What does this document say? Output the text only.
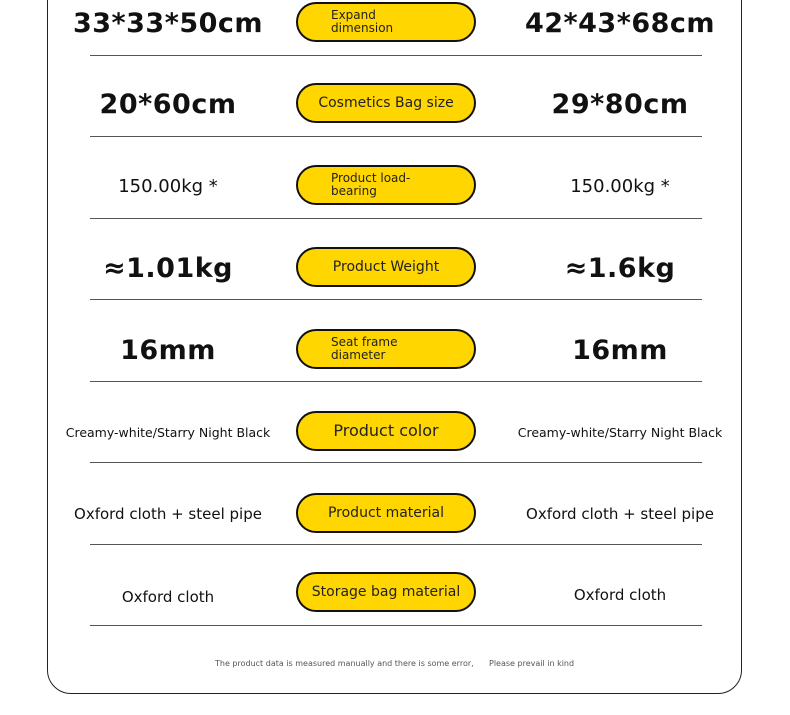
33*33*50cm	Expand dimension	42*43*68cm
20*60cm	Cosmetics Bag size	29*80cm
150.00kg *	Product load-bearing	150.00kg *
≈1.01kg	Product Weight	≈1.6kg
16mm	Seat frame diameter	16mm
Creamy-white/Starry Night Black	Product color	Creamy-white/Starry Night Black
Oxford cloth + steel pipe	Product material	Oxford cloth + steel pipe
Oxford cloth	Storage bag material	Oxford cloth
The product data is measured manually and there is some error, Please prevail in kind
